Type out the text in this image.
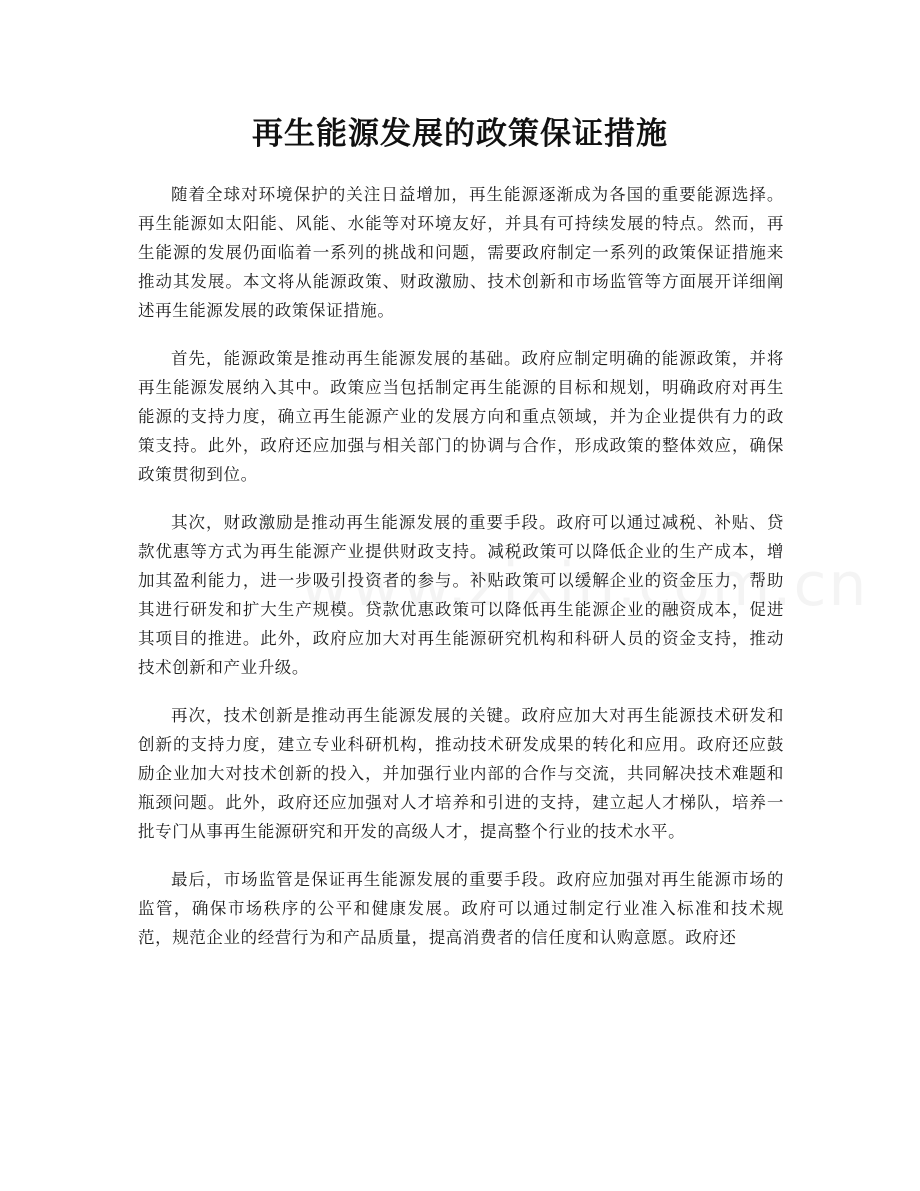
再生能源发展的政策保证措施

随着全球对环境保护的关注日益增加，再生能源逐渐成为各国的重要能源选择。再生能源如太阳能、风能、水能等对环境友好，并具有可持续发展的特点。然而，再生能源的发展仍面临着一系列的挑战和问题，需要政府制定一系列的政策保证措施来推动其发展。本文将从能源政策、财政激励、技术创新和市场监管等方面展开详细阐述再生能源发展的政策保证措施。

首先，能源政策是推动再生能源发展的基础。政府应制定明确的能源政策，并将再生能源发展纳入其中。政策应当包括制定再生能源的目标和规划，明确政府对再生能源的支持力度，确立再生能源产业的发展方向和重点领域，并为企业提供有力的政策支持。此外，政府还应加强与相关部门的协调与合作，形成政策的整体效应，确保政策贯彻到位。

其次，财政激励是推动再生能源发展的重要手段。政府可以通过减税、补贴、贷款优惠等方式为再生能源产业提供财政支持。减税政策可以降低企业的生产成本，增加其盈利能力，进一步吸引投资者的参与。补贴政策可以缓解企业的资金压力，帮助其进行研发和扩大生产规模。贷款优惠政策可以降低再生能源企业的融资成本，促进其项目的推进。此外，政府应加大对再生能源研究机构和科研人员的资金支持，推动技术创新和产业升级。

再次，技术创新是推动再生能源发展的关键。政府应加大对再生能源技术研发和创新的支持力度，建立专业科研机构，推动技术研发成果的转化和应用。政府还应鼓励企业加大对技术创新的投入，并加强行业内部的合作与交流，共同解决技术难题和瓶颈问题。此外，政府还应加强对人才培养和引进的支持，建立起人才梯队，培养一批专门从事再生能源研究和开发的高级人才，提高整个行业的技术水平。

最后，市场监管是保证再生能源发展的重要手段。政府应加强对再生能源市场的监管，确保市场秩序的公平和健康发展。政府可以通过制定行业准入标准和技术规范，规范企业的经营行为和产品质量，提高消费者的信任度和认购意愿。政府还
